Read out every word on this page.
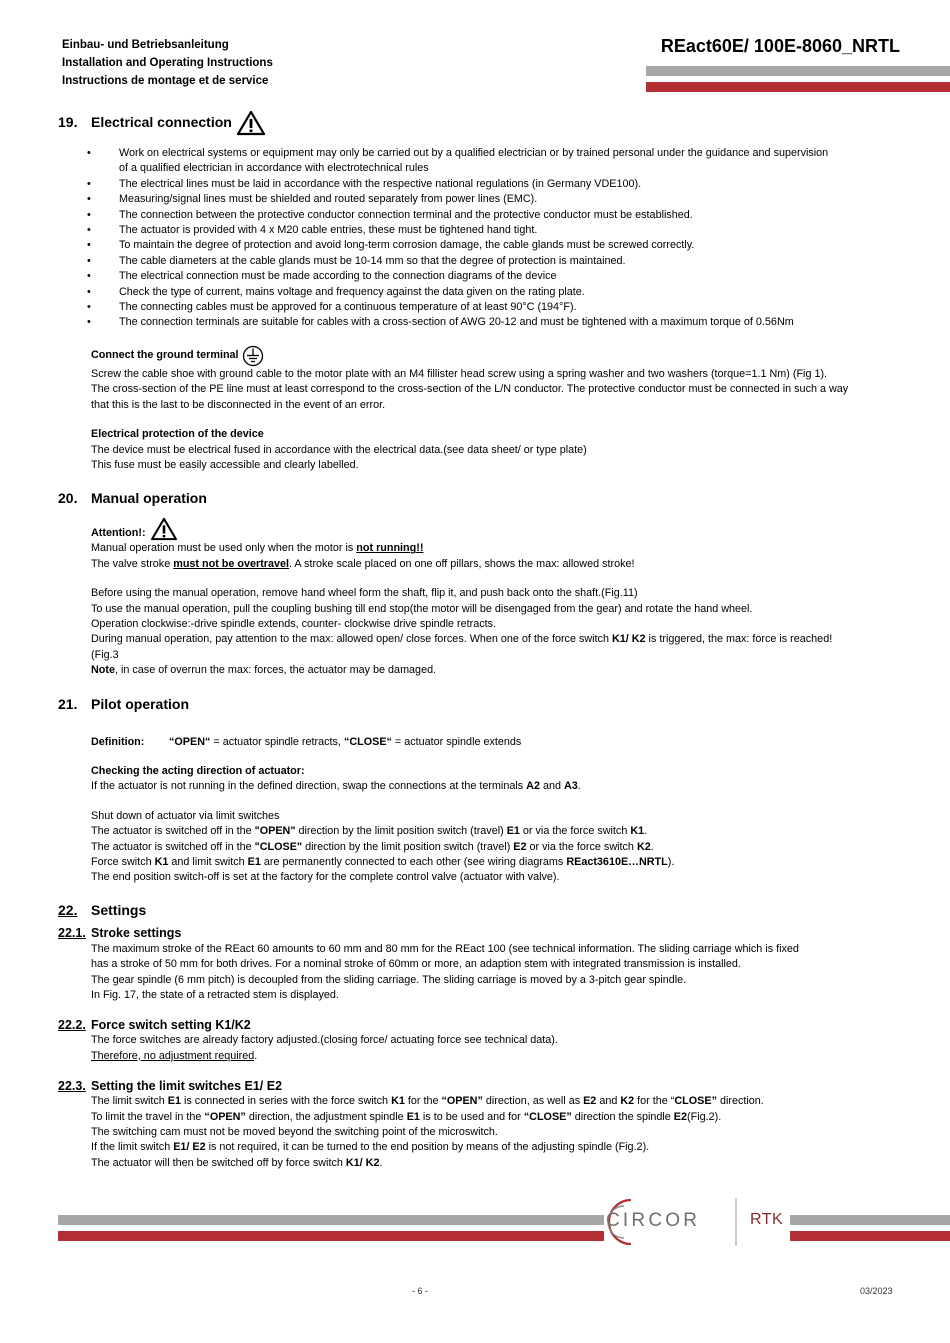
Einbau- und Betriebsanleitung
Installation and Operating Instructions
Instructions de montage et de service
REact60E/ 100E-8060_NRTL
19. Electrical connection
•	Work on electrical systems or equipment may only be carried out by a qualified electrician or by trained personal under the guidance and supervision
of a qualified electrician in accordance with electrotechnical rules
•	The electrical lines must be laid in accordance with the respective national regulations (in Germany VDE100).
•	Measuring/signal lines must be shielded and routed separately from power lines (EMC).
•	The connection between the protective conductor connection terminal and the protective conductor must be established.
•	The actuator is provided with 4 x M20 cable entries, these must be tightened hand tight.
•	To maintain the degree of protection and avoid long-term corrosion damage, the cable glands must be screwed correctly.
•	The cable diameters at the cable glands must be 10-14 mm so that the degree of protection is maintained.
•	The electrical connection must be made according to the connection diagrams of the device
•	Check the type of current, mains voltage and frequency against the data given on the rating plate.
•	The connecting cables must be approved for a continuous temperature of at least 90°C (194°F).
•	The connection terminals are suitable for cables with a cross-section of AWG 20-12 and must be tightened with a maximum torque of 0.56Nm
Connect the ground terminal
Screw the cable shoe with ground cable to the motor plate with an M4 fillister head screw using a spring washer and two washers (torque=1.1 Nm) (Fig 1).
The cross-section of the PE line must at least correspond to the cross-section of the L/N conductor. The protective conductor must be connected in such a way
that this is the last to be disconnected in the event of an error.
Electrical protection of the device
The device must be electrical fused in accordance with the electrical data.(see data sheet/ or type plate)
This fuse must be easily accessible and clearly labelled.
20. Manual operation
Attention!:
Manual operation must be used only when the motor is not running!!
The valve stroke must not be overtravel. A stroke scale placed on one off pillars, shows the max: allowed stroke!
Before using the manual operation, remove hand wheel form the shaft, flip it, and push back onto the shaft.(Fig.11)
To use the manual operation, pull the coupling bushing till end stop(the motor will be disengaged from the gear) and rotate the hand wheel.
Operation clockwise:-drive spindle extends, counter- clockwise drive spindle retracts.
During manual operation, pay attention to the max: allowed open/ close forces. When one of the force switch K1/ K2 is triggered, the max: force is reached!(Fig.3
Note, in case of overrun the max: forces, the actuator may be damaged.
21. Pilot operation
Definition: “OPEN“ = actuator spindle retracts, “CLOSE“ = actuator spindle extends
Checking the acting direction of actuator:
If the actuator is not running in the defined direction, swap the connections at the terminals A2 and A3.
Shut down of actuator via limit switches
The actuator is switched off in the "OPEN" direction by the limit position switch (travel) E1 or via the force switch K1.
The actuator is switched off in the "CLOSE" direction by the limit position switch (travel) E2 or via the force switch K2.
Force switch K1 and limit switch E1 are permanently connected to each other (see wiring diagrams REact3610E…NRTL).
The end position switch-off is set at the factory for the complete control valve (actuator with valve).
22. Settings
22.1. Stroke settings
The maximum stroke of the REact 60 amounts to 60 mm and 80 mm for the REact 100 (see technical information. The sliding carriage which is fixed
has a stroke of 50 mm for both drives. For a nominal stroke of 60mm or more, an adaption stem with integrated transmission is installed.
The gear spindle (6 mm pitch) is decoupled from the sliding carriage. The sliding carriage is moved by a 3-pitch gear spindle.
In Fig. 17, the state of a retracted stem is displayed.
22.2. Force switch setting K1/K2
The force switches are already factory adjusted.(closing force/ actuating force see technical data).
Therefore, no adjustment required.
22.3. Setting the limit switches E1/ E2
The limit switch E1 is connected in series with the force switch K1 for the “OPEN” direction, as well as E2 and K2 for the “CLOSE” direction.
To limit the travel in the “OPEN” direction, the adjustment spindle E1 is to be used and for “CLOSE” direction the spindle E2(Fig.2).
The switching cam must not be moved beyond the switching point of the microswitch.
If the limit switch E1/ E2 is not required, it can be turned to the end position by means of the adjusting spindle (Fig.2).
The actuator will then be switched off by force switch K1/ K2.
CIRCOR	RTK
- 6 -	03/2023
